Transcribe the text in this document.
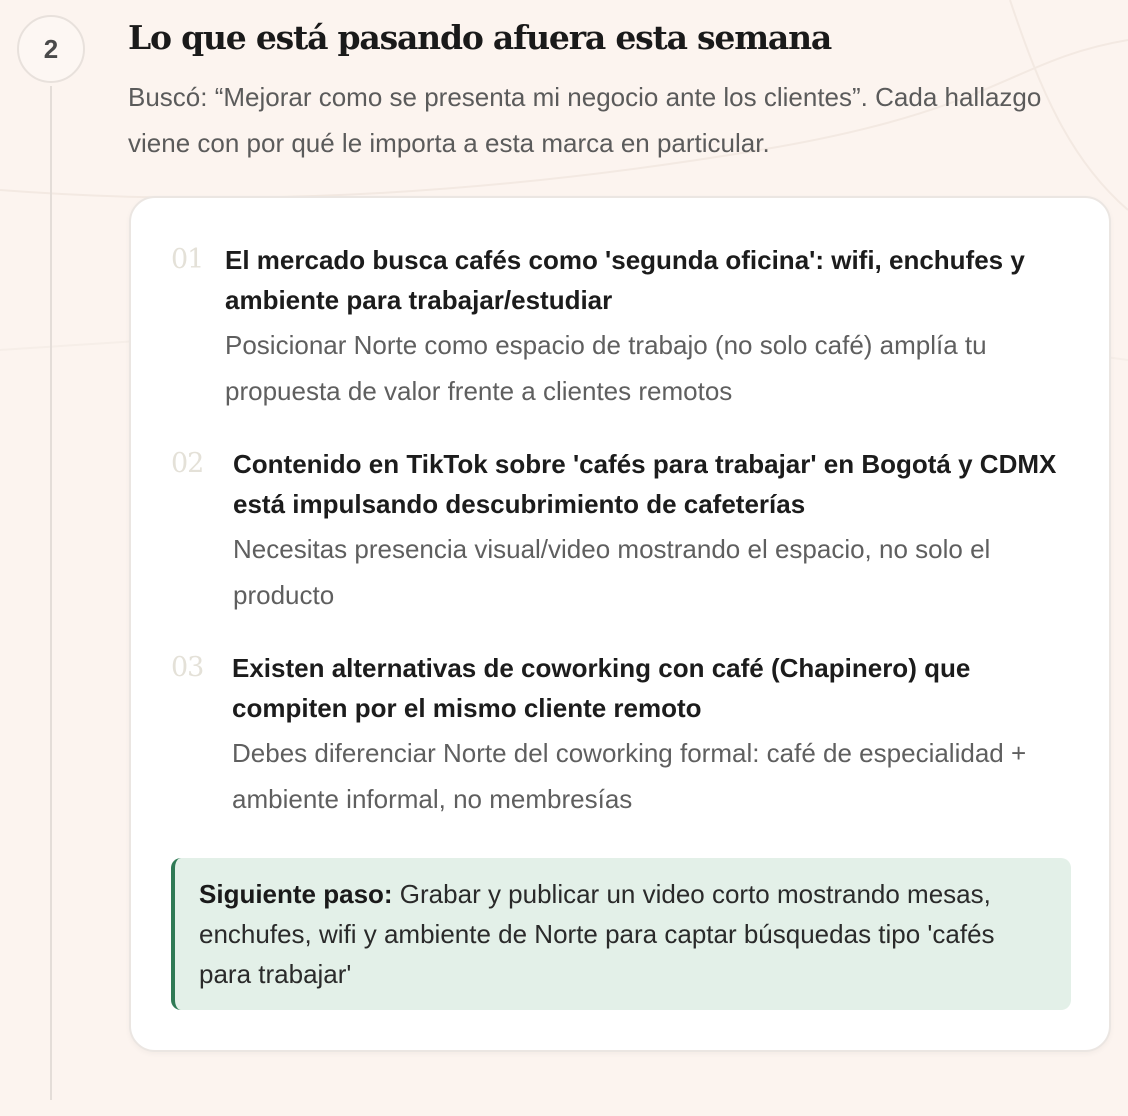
2	Lo que está pasando afuera esta semana

Buscó: “Mejorar como se presenta mi negocio ante los clientes”. Cada hallazgo viene con por qué le importa a esta marca en particular.

01 El mercado busca cafés como 'segunda oficina': wifi, enchufes y ambiente para trabajar/estudiar

Posicionar Norte como espacio de trabajo (no solo café) amplía tu propuesta de valor frente a clientes remotos

02	Contenido en TikTok sobre 'cafés para trabajar' en Bogotá y CDMX está impulsando descubrimiento de cafeterías

Necesitas presencia visual/video mostrando el espacio, no solo el producto

03	Existen alternativas de coworking con café (Chapinero) que compiten por el mismo cliente remoto

Debes diferenciar Norte del coworking formal: café de especialidad + ambiente informal, no membresías

Siguiente paso: Grabar y publicar un video corto mostrando mesas, enchufes, wifi y ambiente de Norte para captar búsquedas tipo 'cafés para trabajar'
